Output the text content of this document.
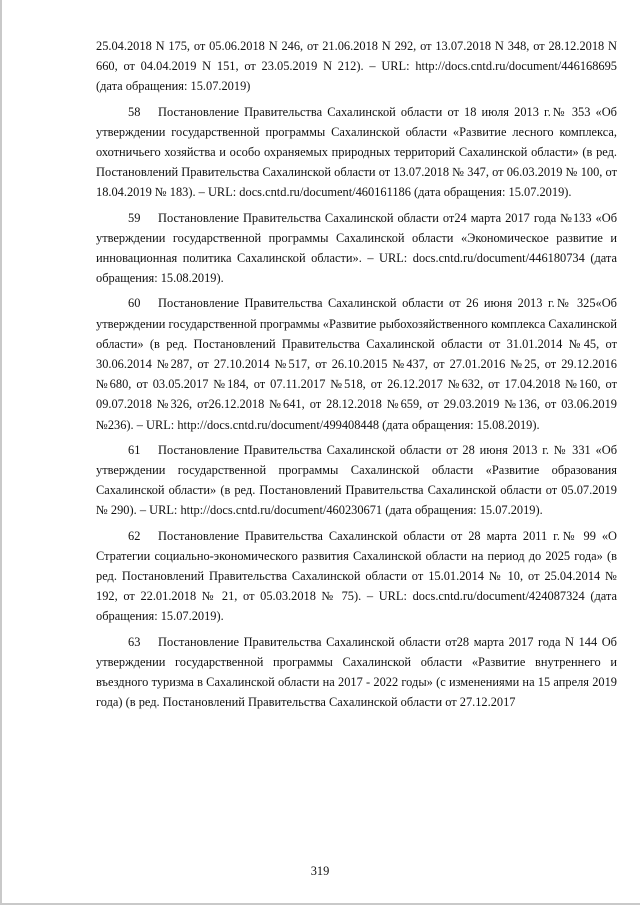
25.04.2018 N 175, от 05.06.2018 N 246, от 21.06.2018 N 292, от 13.07.2018 N 348, от 28.12.2018 N 660, от 04.04.2019 N 151, от 23.05.2019 N 212). – URL: http://docs.cntd.ru/document/446168695 (дата обращения: 15.07.2019)

58 Постановление Правительства Сахалинской области от 18 июля 2013 г.№ 353 «Об утверждении государственной программы Сахалинской области «Развитие лесного комплекса, охотничьего хозяйства и особо охраняемых природных территорий Сахалинской области» (в ред. Постановлений Правительства Сахалинской области от 13.07.2018 № 347, от 06.03.2019 № 100, от 18.04.2019 № 183). – URL: docs.cntd.ru/document/460161186 (дата обращения: 15.07.2019).

59 Постановление Правительства Сахалинской области от24 марта 2017 года №133 «Об утверждении государственной программы Сахалинской области «Экономическое развитие и инновационная политика Сахалинской области». – URL: docs.cntd.ru/document/446180734 (дата обращения: 15.08.2019).

60 Постановление Правительства Сахалинской области от 26 июня 2013 г.№ 325«Об утверждении государственной программы «Развитие рыбохозяйственного комплекса Сахалинской области» (в ред. Постановлений Правительства Сахалинской области от 31.01.2014 №45, от 30.06.2014 №287, от 27.10.2014 №517, от 26.10.2015 №437, от 27.01.2016 №25, от 29.12.2016 №680, от 03.05.2017 №184, от 07.11.2017 №518, от 26.12.2017 №632, от 17.04.2018 №160, от 09.07.2018 №326, от26.12.2018 №641, от 28.12.2018 №659, от 29.03.2019 №136, от 03.06.2019 №236). – URL: http://docs.cntd.ru/document/499408448 (дата обращения: 15.08.2019).

61 Постановление Правительства Сахалинской области от 28 июня 2013 г. № 331 «Об утверждении государственной программы Сахалинской области «Развитие образования Сахалинской области» (в ред. Постановлений Правительства Сахалинской области от 05.07.2019 № 290). – URL: http://docs.cntd.ru/document/460230671 (дата обращения: 15.07.2019).

62 Постановление Правительства Сахалинской области от 28 марта 2011 г.№ 99 «О Стратегии социально-экономического развития Сахалинской области на период до 2025 года» (в ред. Постановлений Правительства Сахалинской области от 15.01.2014 № 10, от 25.04.2014 № 192, от 22.01.2018 № 21, от 05.03.2018 № 75). – URL: docs.cntd.ru/document/424087324 (дата обращения: 15.07.2019).

63 Постановление Правительства Сахалинской области от28 марта 2017 года N 144 Об утверждении государственной программы Сахалинской области «Развитие внутреннего и въездного туризма в Сахалинской области на 2017 - 2022 годы» (с изменениями на 15 апреля 2019 года) (в ред. Постановлений Правительства Сахалинской области от 27.12.2017

319
